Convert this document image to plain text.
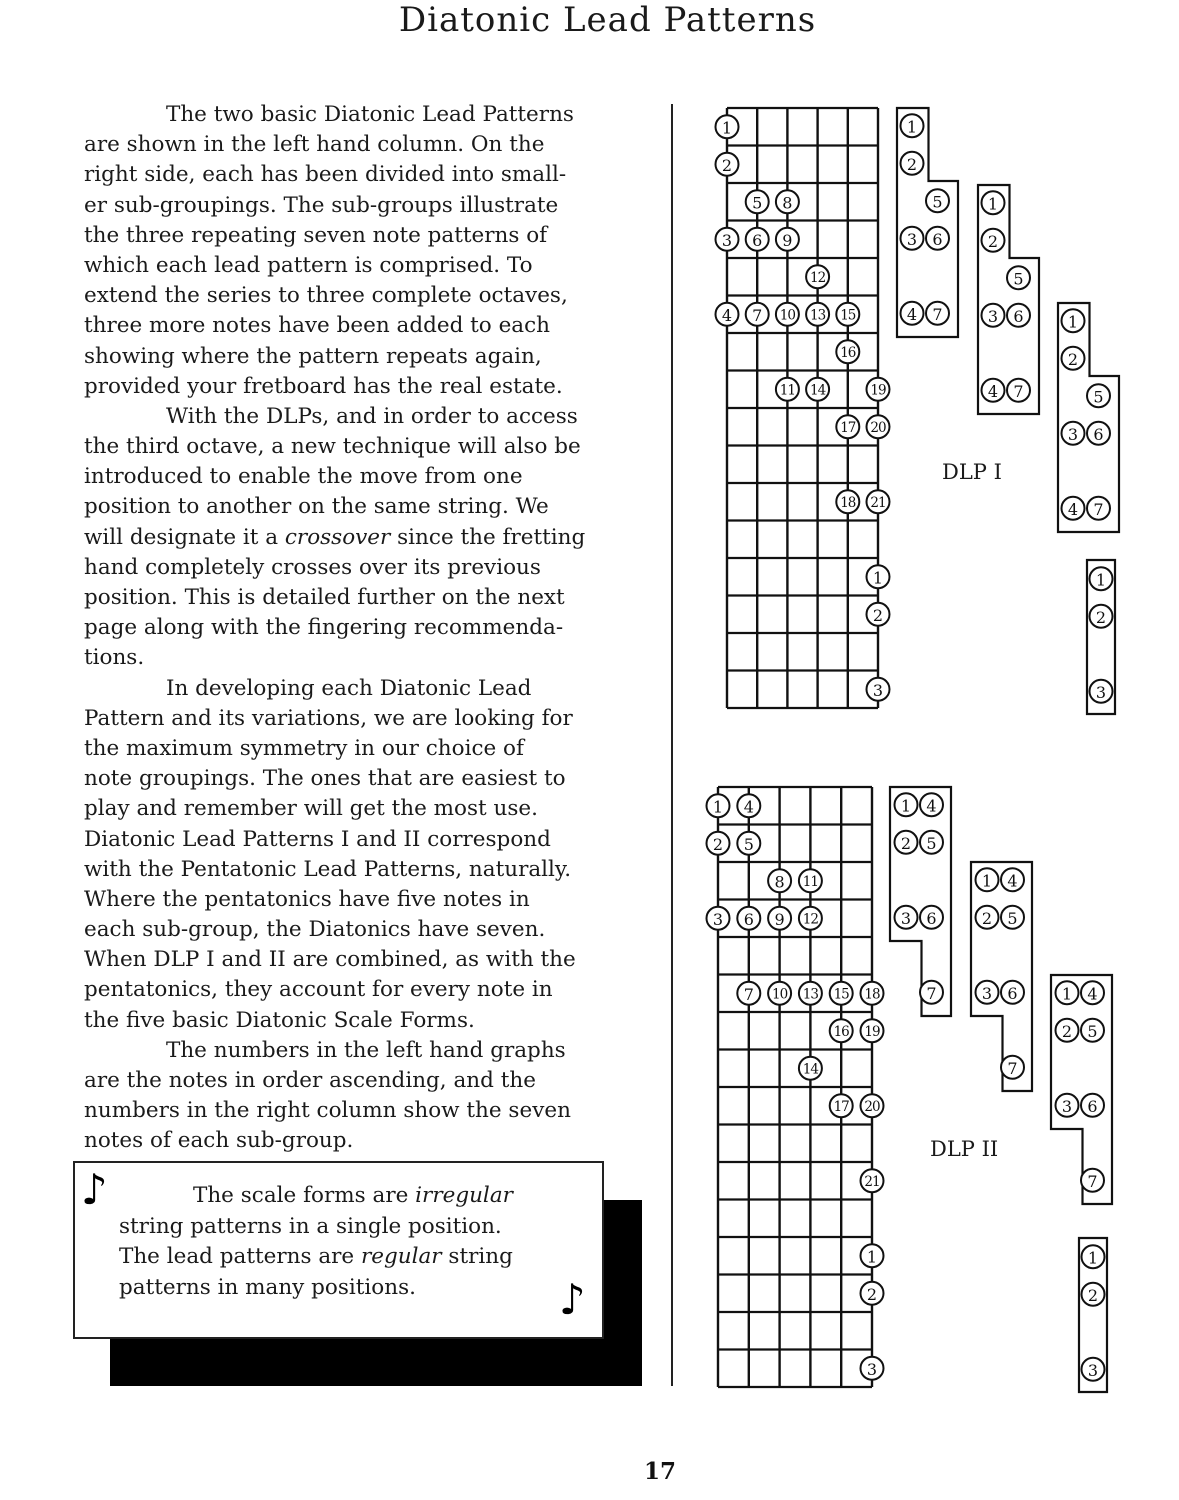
Diatonic Lead Patterns
The two basic Diatonic Lead Patterns
are shown in the left hand column. On the
right side, each has been divided into small-
er sub-groupings. The sub-groups illustrate
the three repeating seven note patterns of
which each lead pattern is comprised. To
extend the series to three complete octaves,
three more notes have been added to each
showing where the pattern repeats again,
provided your fretboard has the real estate.
With the DLPs, and in order to access
the third octave, a new technique will also be
introduced to enable the move from one
position to another on the same string. We
will designate it a crossover since the fretting
hand completely crosses over its previous
position. This is detailed further on the next
page along with the fingering recommenda-
tions.
In developing each Diatonic Lead
Pattern and its variations, we are looking for
the maximum symmetry in our choice of
note groupings. The ones that are easiest to
play and remember will get the most use.
Diatonic Lead Patterns I and II correspond
with the Pentatonic Lead Patterns, naturally.
Where the pentatonics have five notes in
each sub-group, the Diatonics have seven.
When DLP I and II are combined, as with the
pentatonics, they account for every note in
the five basic Diatonic Scale Forms.
The numbers in the left hand graphs
are the notes in order ascending, and the
numbers in the right column show the seven
notes of each sub-group.
♪	The scale forms are irregular
string patterns in a single position.
The lead patterns are regular string
patterns in many positions.	♪
1
2
5 8
3 6 9
12
4 7 10 13 15
16
11 14	19
17 20
18 21
1
2
3
1
2
5
3 6
4 7
1
2
5
3 6
4 7
1
2
5
3 6
4 7
1
2
3
1 4
2 5
8 11
3 6 9 12
7 10 13 15 18
16 19
14
17 20
21
1
2
3
1 4
2 5
3 6
7
1 4
2 5
3 6
7
1 4
2 5
3 6
7
1
2
3
DLP I
DLP II
17
